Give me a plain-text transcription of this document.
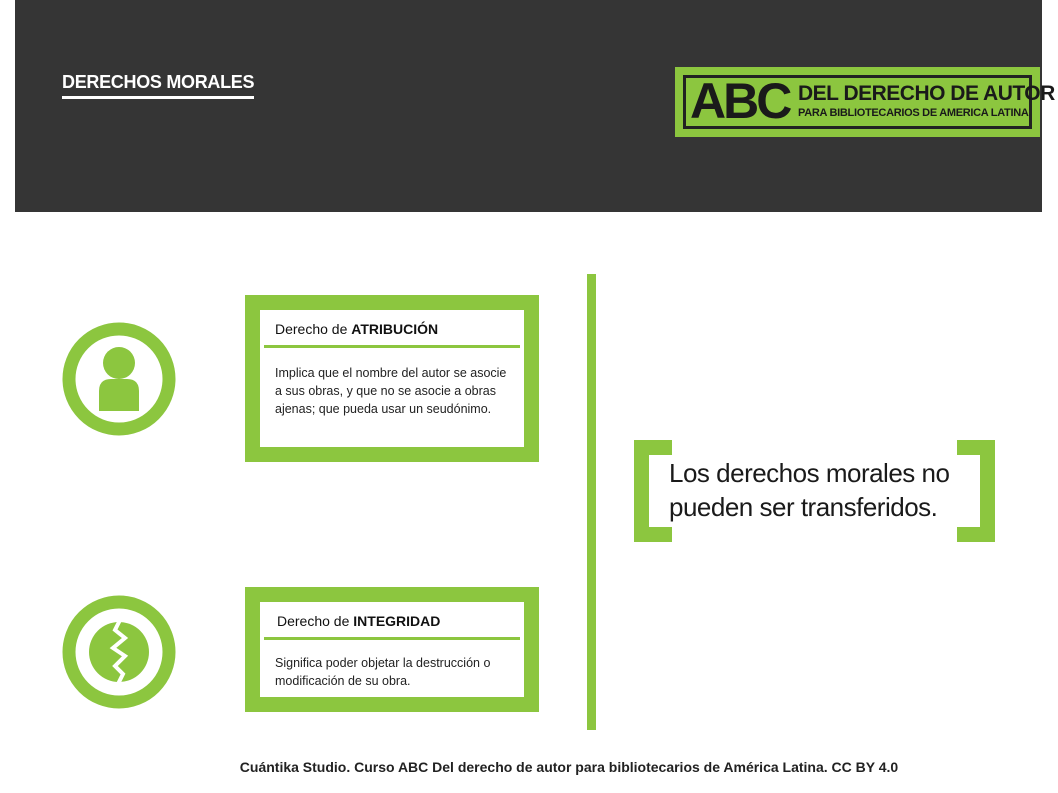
DERECHOS MORALES	ABC DEL DERECHO DE AUTOR
PARA BIBLIOTECARIOS DE AMERICA LATINA
Derecho de ATRIBUCIÓN
Implica que el nombre del autor se asocie a sus obras, y que no se asocie a obras ajenas; que pueda usar un seudónimo.
Derecho de INTEGRIDAD
Significa poder objetar la destrucción o modificación de su obra.
Los derechos morales no pueden ser transferidos.
Cuántika Studio. Curso ABC Del derecho de autor para bibliotecarios de América Latina. CC BY 4.0
